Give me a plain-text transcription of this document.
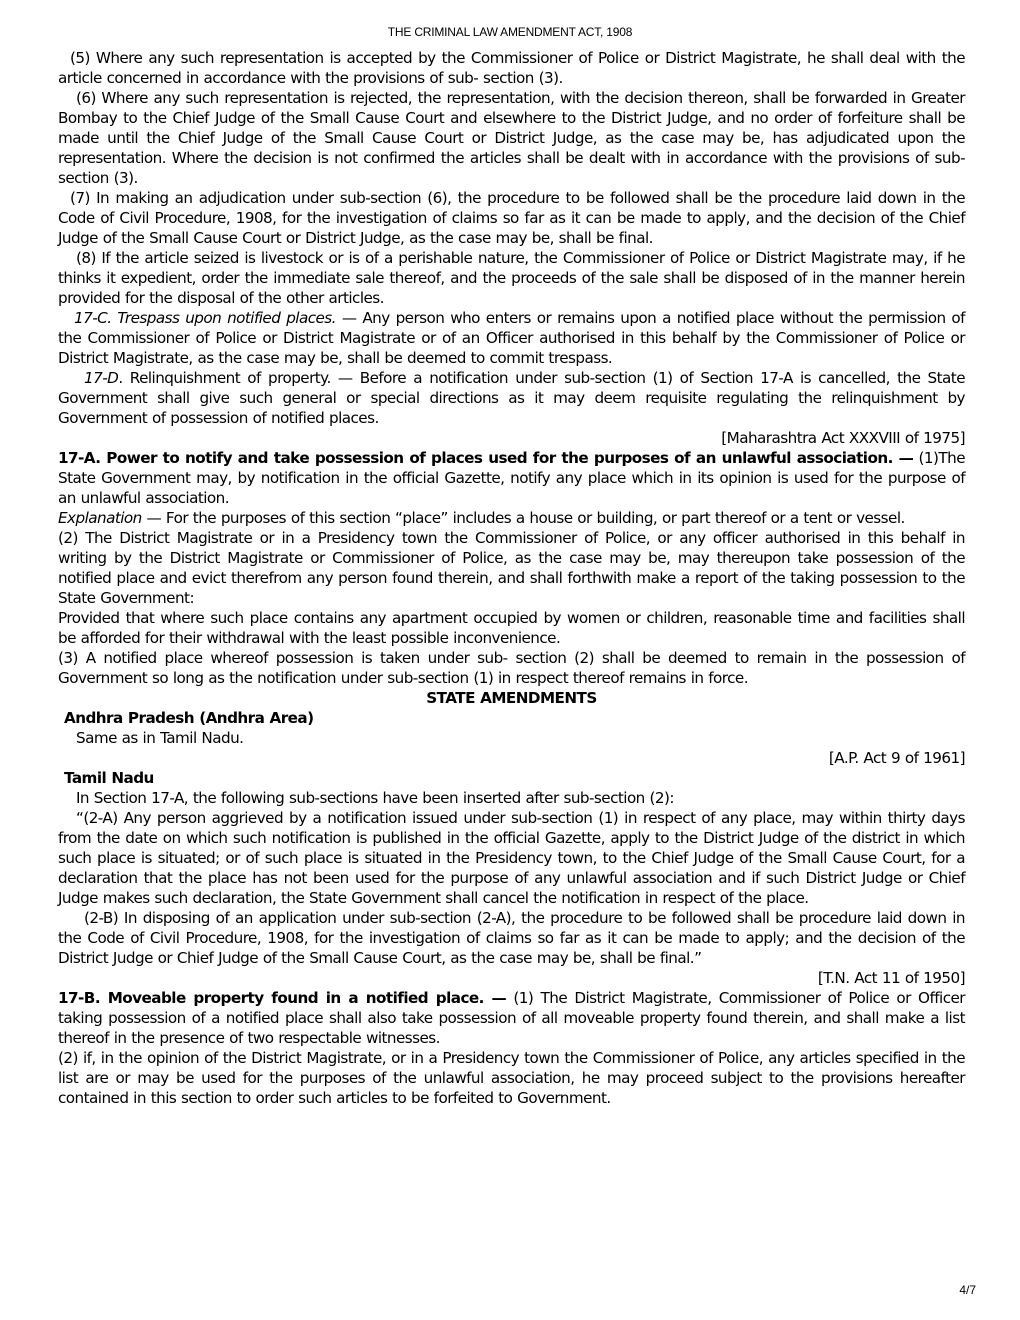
THE CRIMINAL LAW AMENDMENT ACT, 1908

(5) Where any such representation is accepted by the Commissioner of Police or District Magistrate, he shall deal with the article concerned in accordance with the provisions of sub- section (3).

(6) Where any such representation is rejected, the representation, with the decision thereon, shall be forwarded in Greater Bombay to the Chief Judge of the Small Cause Court and elsewhere to the District Judge, and no order of forfeiture shall be made until the Chief Judge of the Small Cause Court or District Judge, as the case may be, has adjudicated upon the representation. Where the decision is not confirmed the articles shall be dealt with in accordance with the provisions of sub- section (3).

(7) In making an adjudication under sub-section (6), the procedure to be followed shall be the procedure laid down in the Code of Civil Procedure, 1908, for the investigation of claims so far as it can be made to apply, and the decision of the Chief Judge of the Small Cause Court or District Judge, as the case may be, shall be final.

(8) If the article seized is livestock or is of a perishable nature, the Commissioner of Police or District Magistrate may, if he thinks it expedient, order the immediate sale thereof, and the proceeds of the sale shall be disposed of in the manner herein provided for the disposal of the other articles.

17-C. Trespass upon notified places. — Any person who enters or remains upon a notified place without the permission of the Commissioner of Police or District Magistrate or of an Officer authorised in this behalf by the Commissioner of Police or District Magistrate, as the case may be, shall be deemed to commit trespass.

17-D. Relinquishment of property. — Before a notification under sub-section (1) of Section 17-A is cancelled, the State Government shall give such general or special directions as it may deem requisite regulating the relinquishment by Government of possession of notified places.

[Maharashtra Act XXXVIII of 1975]

17-A. Power to notify and take possession of places used for the purposes of an unlawful association. — (1)The State Government may, by notification in the official Gazette, notify any place which in its opinion is used for the purpose of an unlawful association.

Explanation — For the purposes of this section “place” includes a house or building, or part thereof or a tent or vessel.

(2) The District Magistrate or in a Presidency town the Commissioner of Police, or any officer authorised in this behalf in writing by the District Magistrate or Commissioner of Police, as the case may be, may thereupon take possession of the notified place and evict therefrom any person found therein, and shall forthwith make a report of the taking possession to the State Government:

Provided that where such place contains any apartment occupied by women or children, reasonable time and facilities shall be afforded for their withdrawal with the least possible inconvenience.

(3) A notified place whereof possession is taken under sub- section (2) shall be deemed to remain in the possession of Government so long as the notification under sub-section (1) in respect thereof remains in force.

STATE AMENDMENTS

Andhra Pradesh (Andhra Area)

Same as in Tamil Nadu.

[A.P. Act 9 of 1961]

Tamil Nadu

In Section 17-A, the following sub-sections have been inserted after sub-section (2):

“(2-A) Any person aggrieved by a notification issued under sub-section (1) in respect of any place, may within thirty days from the date on which such notification is published in the official Gazette, apply to the District Judge of the district in which such place is situated; or of such place is situated in the Presidency town, to the Chief Judge of the Small Cause Court, for a declaration that the place has not been used for the purpose of any unlawful association and if such District Judge or Chief Judge makes such declaration, the State Government shall cancel the notification in respect of the place.

(2-B) In disposing of an application under sub-section (2-A), the procedure to be followed shall be procedure laid down in the Code of Civil Procedure, 1908, for the investigation of claims so far as it can be made to apply; and the decision of the District Judge or Chief Judge of the Small Cause Court, as the case may be, shall be final.”

[T.N. Act 11 of 1950]

17-B. Moveable property found in a notified place. — (1) The District Magistrate, Commissioner of Police or Officer taking possession of a notified place shall also take possession of all moveable property found therein, and shall make a list thereof in the presence of two respectable witnesses.

(2) if, in the opinion of the District Magistrate, or in a Presidency town the Commissioner of Police, any articles specified in the list are or may be used for the purposes of the unlawful association, he may proceed subject to the provisions hereafter contained in this section to order such articles to be forfeited to Government.

4/7
